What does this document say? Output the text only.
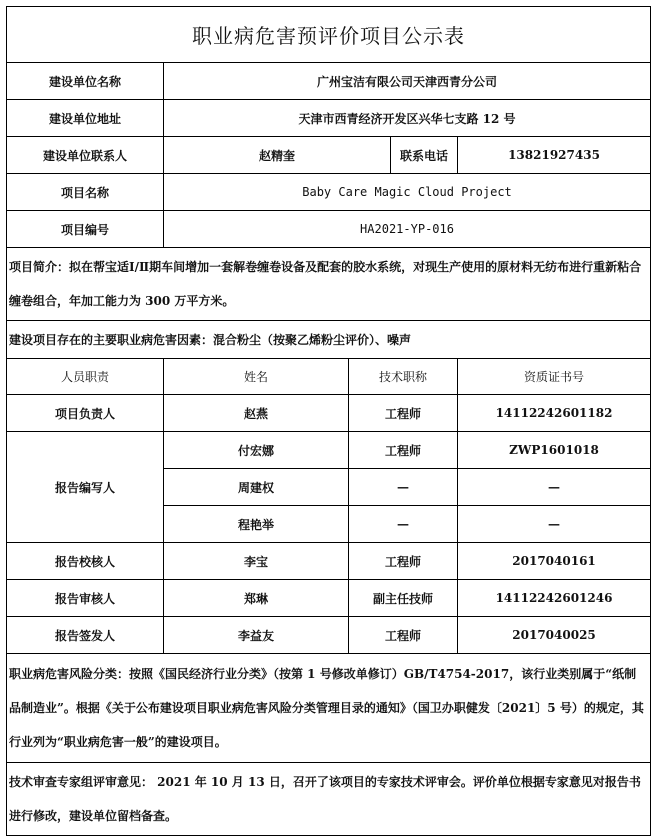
职业病危害预评价项目公示表				
建设单位名称	广州宝洁有限公司天津西青分公司			
建设单位地址	天津市西青经济开发区兴华七支路 12 号			
建设单位联系人	赵精奎		联系电话	13821927435
项目名称	Baby Care Magic Cloud Project			
项目编号	HA2021-YP-016			
项目简介：拟在帮宝适Ⅰ/Ⅱ期车间增加一套解卷缠卷设备及配套的胶水系统，对现生产使用的原材料无纺布进行重新粘合缠卷组合，年加工能力为 300 万平方米。				
建设项目存在的主要职业病危害因素：混合粉尘（按聚乙烯粉尘评价）、噪声				
人员职责	姓名	技术职称		资质证书号
项目负责人	赵燕	工程师		14112242601182
报告编写人	付宏娜	工程师		ZWP1601018
	周建权	—		—
	程艳举	—		—
报告校核人	李宝	工程师		2017040161
报告审核人	郑琳	副主任技师		14112242601246
报告签发人	李益友	工程师		2017040025
职业病危害风险分类：按照《国民经济行业分类》（按第 1 号修改单修订）GB/T4754-2017，该行业类别属于“纸制品制造业”。根据《关于公布建设项目职业病危害风险分类管理目录的通知》（国卫办职健发〔2021〕5 号）的规定，其行业列为“职业病危害一般”的建设项目。				
技术审查专家组评审意见： 2021 年 10 月 13 日，召开了该项目的专家技术评审会。评价单位根据专家意见对报告书进行修改，建设单位留档备查。				
